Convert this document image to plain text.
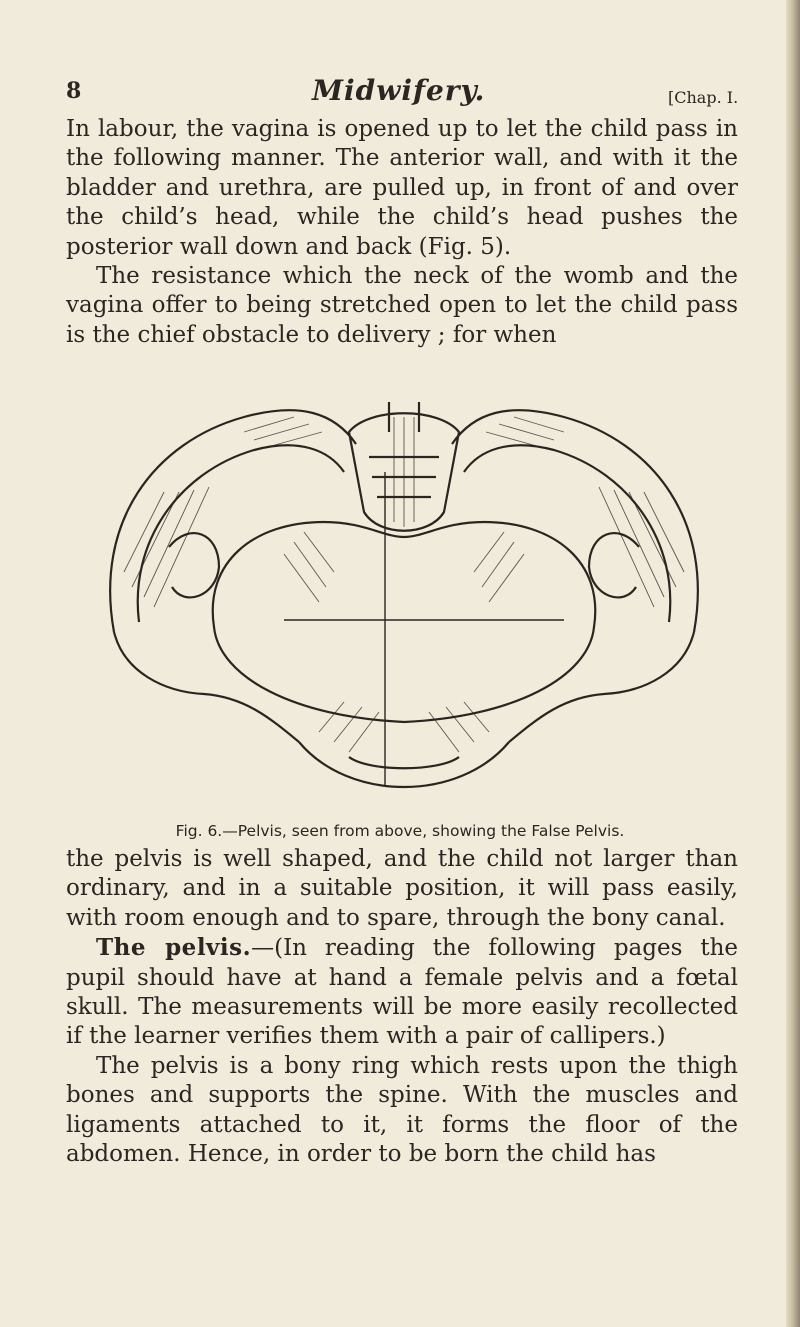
8	Midwifery.	[Chap. I.

In labour, the vagina is opened up to let the child pass in the following manner. The anterior wall, and with it the bladder and urethra, are pulled up, in front of and over the child’s head, while the child’s head pushes the posterior wall down and back (Fig. 5).

The resistance which the neck of the womb and the vagina offer to being stretched open to let the child pass is the chief obstacle to delivery ; for when

Fig. 6.—Pelvis, seen from above, showing the False Pelvis.

the pelvis is well shaped, and the child not larger than ordinary, and in a suitable position, it will pass easily, with room enough and to spare, through the bony canal.

The pelvis.—(In reading the following pages the pupil should have at hand a female pelvis and a fœtal skull. The measurements will be more easily recollected if the learner verifies them with a pair of callipers.)

The pelvis is a bony ring which rests upon the thigh bones and supports the spine. With the muscles and ligaments attached to it, it forms the floor of the abdomen. Hence, in order to be born the child has
